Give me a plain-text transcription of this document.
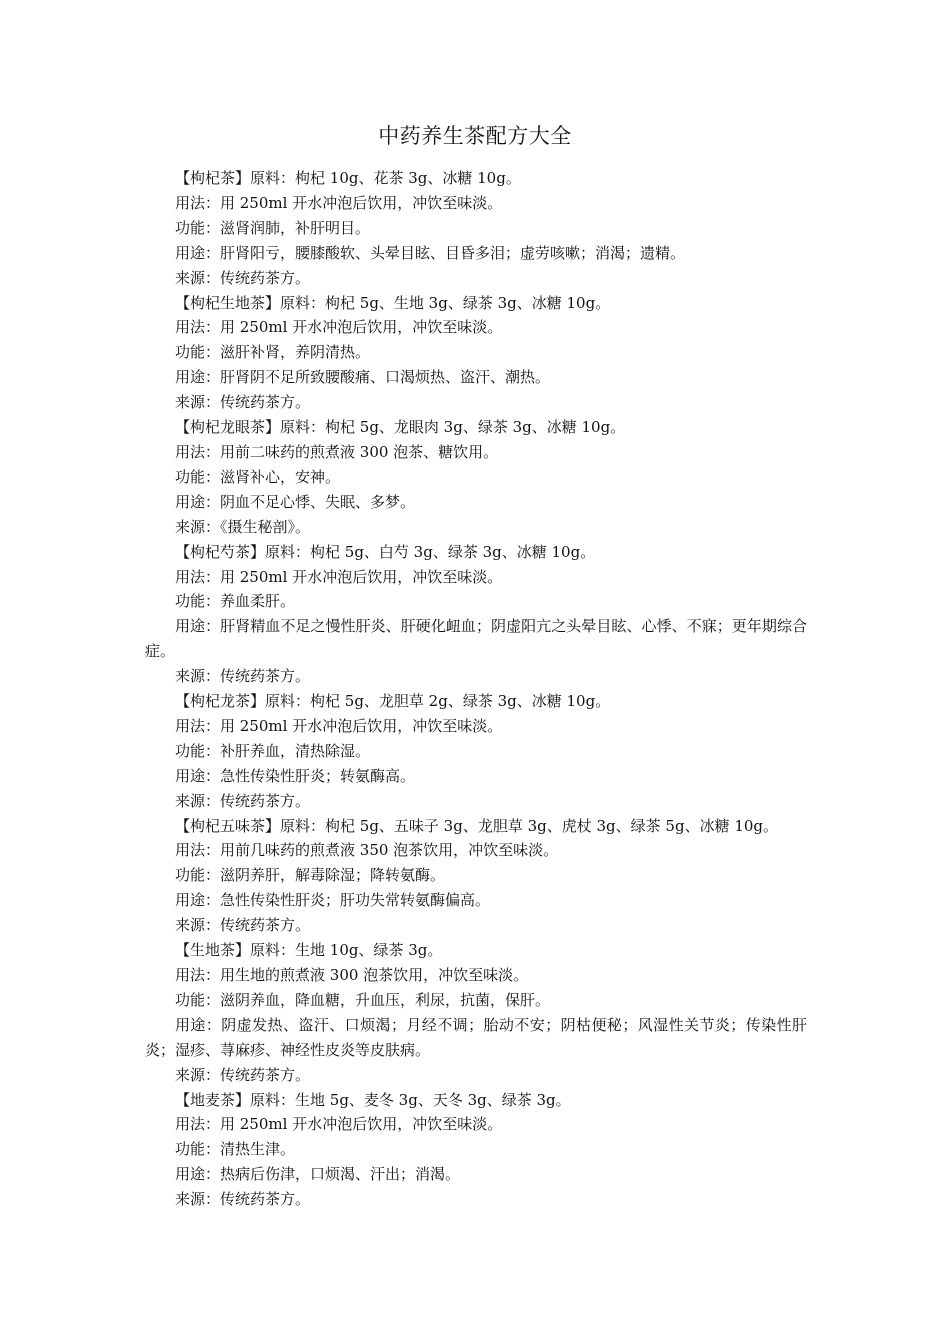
中药养生茶配方大全

【枸杞茶】原料：枸杞 10g、花茶 3g、冰糖 10g。

用法：用 250ml 开水冲泡后饮用，冲饮至味淡。

功能：滋肾润肺，补肝明目。

用途：肝肾阳亏，腰膝酸软、头晕目眩、目昏多泪；虚劳咳嗽；消渴；遗精。

来源：传统药茶方。

【枸杞生地茶】原料：枸杞 5g、生地 3g、绿茶 3g、冰糖 10g。

用法：用 250ml 开水冲泡后饮用，冲饮至味淡。

功能：滋肝补肾，养阴清热。

用途：肝肾阴不足所致腰酸痛、口渴烦热、盗汗、潮热。

来源：传统药茶方。

【枸杞龙眼茶】原料：枸杞 5g、龙眼肉 3g、绿茶 3g、冰糖 10g。

用法：用前二味药的煎煮液 300 泡茶、糖饮用。

功能：滋肾补心，安神。

用途：阴血不足心悸、失眠、多梦。

来源：《摄生秘剖》。

【枸杞芍茶】原料：枸杞 5g、白芍 3g、绿茶 3g、冰糖 10g。

用法：用 250ml 开水冲泡后饮用，冲饮至味淡。

功能：养血柔肝。

用途：肝肾精血不足之慢性肝炎、肝硬化衄血；阴虚阳亢之头晕目眩、心悸、不寐；更年期综合症。

来源：传统药茶方。

【枸杞龙茶】原料：枸杞 5g、龙胆草 2g、绿茶 3g、冰糖 10g。

用法：用 250ml 开水冲泡后饮用，冲饮至味淡。

功能：补肝养血，清热除湿。

用途：急性传染性肝炎；转氨酶高。

来源：传统药茶方。

【枸杞五味茶】原料：枸杞 5g、五味子 3g、龙胆草 3g、虎杖 3g、绿茶 5g、冰糖 10g。

用法：用前几味药的煎煮液 350 泡茶饮用，冲饮至味淡。

功能：滋阴养肝，解毒除湿；降转氨酶。

用途：急性传染性肝炎；肝功失常转氨酶偏高。

来源：传统药茶方。

【生地茶】原料：生地 10g、绿茶 3g。

用法：用生地的煎煮液 300 泡茶饮用，冲饮至味淡。

功能：滋阴养血，降血糖，升血压，利尿，抗菌，保肝。

用途：阴虚发热、盗汗、口烦渴；月经不调；胎动不安；阴枯便秘；风湿性关节炎；传染性肝炎；湿疹、荨麻疹、神经性皮炎等皮肤病。

来源：传统药茶方。

【地麦茶】原料：生地 5g、麦冬 3g、天冬 3g、绿茶 3g。

用法：用 250ml 开水冲泡后饮用，冲饮至味淡。

功能：清热生津。

用途：热病后伤津，口烦渴、汗出；消渴。

来源：传统药茶方。
